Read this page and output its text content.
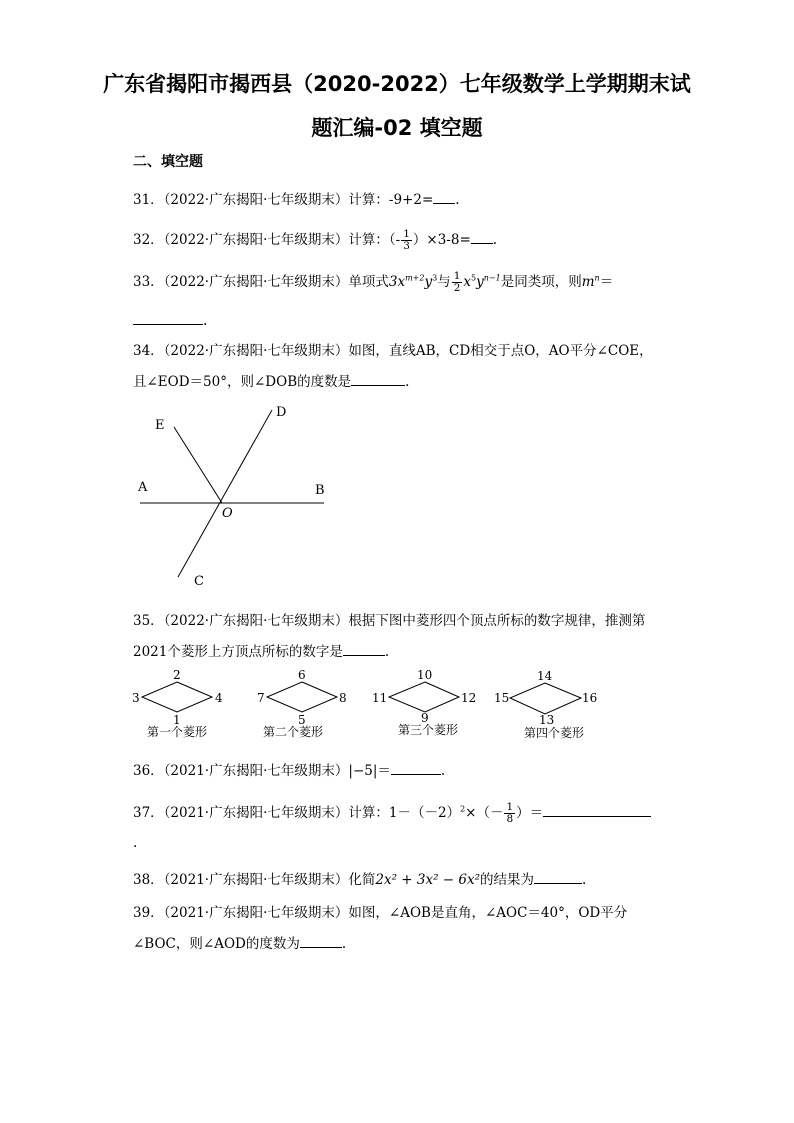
广东省揭阳市揭西县（2020-2022）七年级数学上学期期末试
题汇编-02 填空题
二、填空题
31．（2022·广东揭阳·七年级期末）计算：-9+2= .
32．（2022·广东揭阳·七年级期末）计算：（- $\frac{1}{3} )\times 3-8=$ .
33．（2022·广东揭阳·七年级期末）单项式$3x^{m+2}y^3$与 $\frac{1}{2} x^5y^{n-1}$是同类项，则$m^n=$
.
34．（2022·广东揭阳·七年级期末）如图，直线AB，CD相交于点O，AO平分∠COE，
且∠EOD＝50°，则∠DOB的度数是	.
E
D
A	B
O
C
35．（2022·广东揭阳·七年级期末）根据下图中菱形四个顶点所标的数字规律，推测第
2021个菱形上方顶点所标的数字是	.
2
3	4
1
第一个菱形
6
7	8
5
第二个菱形
10
11	12
9
第三个菱形
14
15	16
13
第四个菱形
36．（2021·广东揭阳·七年级期末）|−5|＝	.
37．（2021·广东揭阳·七年级期末）计算：$1-(-2)^2\times(- \frac{1}{8}$ ）＝
.
38．（2021·广东揭阳·七年级期末）化简2x² + 3x² − 6x²的结果为	.
39．（2021·广东揭阳·七年级期末）如图，∠AOB是直角，∠AOC＝40°，OD平分
∠BOC，则∠AOD的度数为	.
